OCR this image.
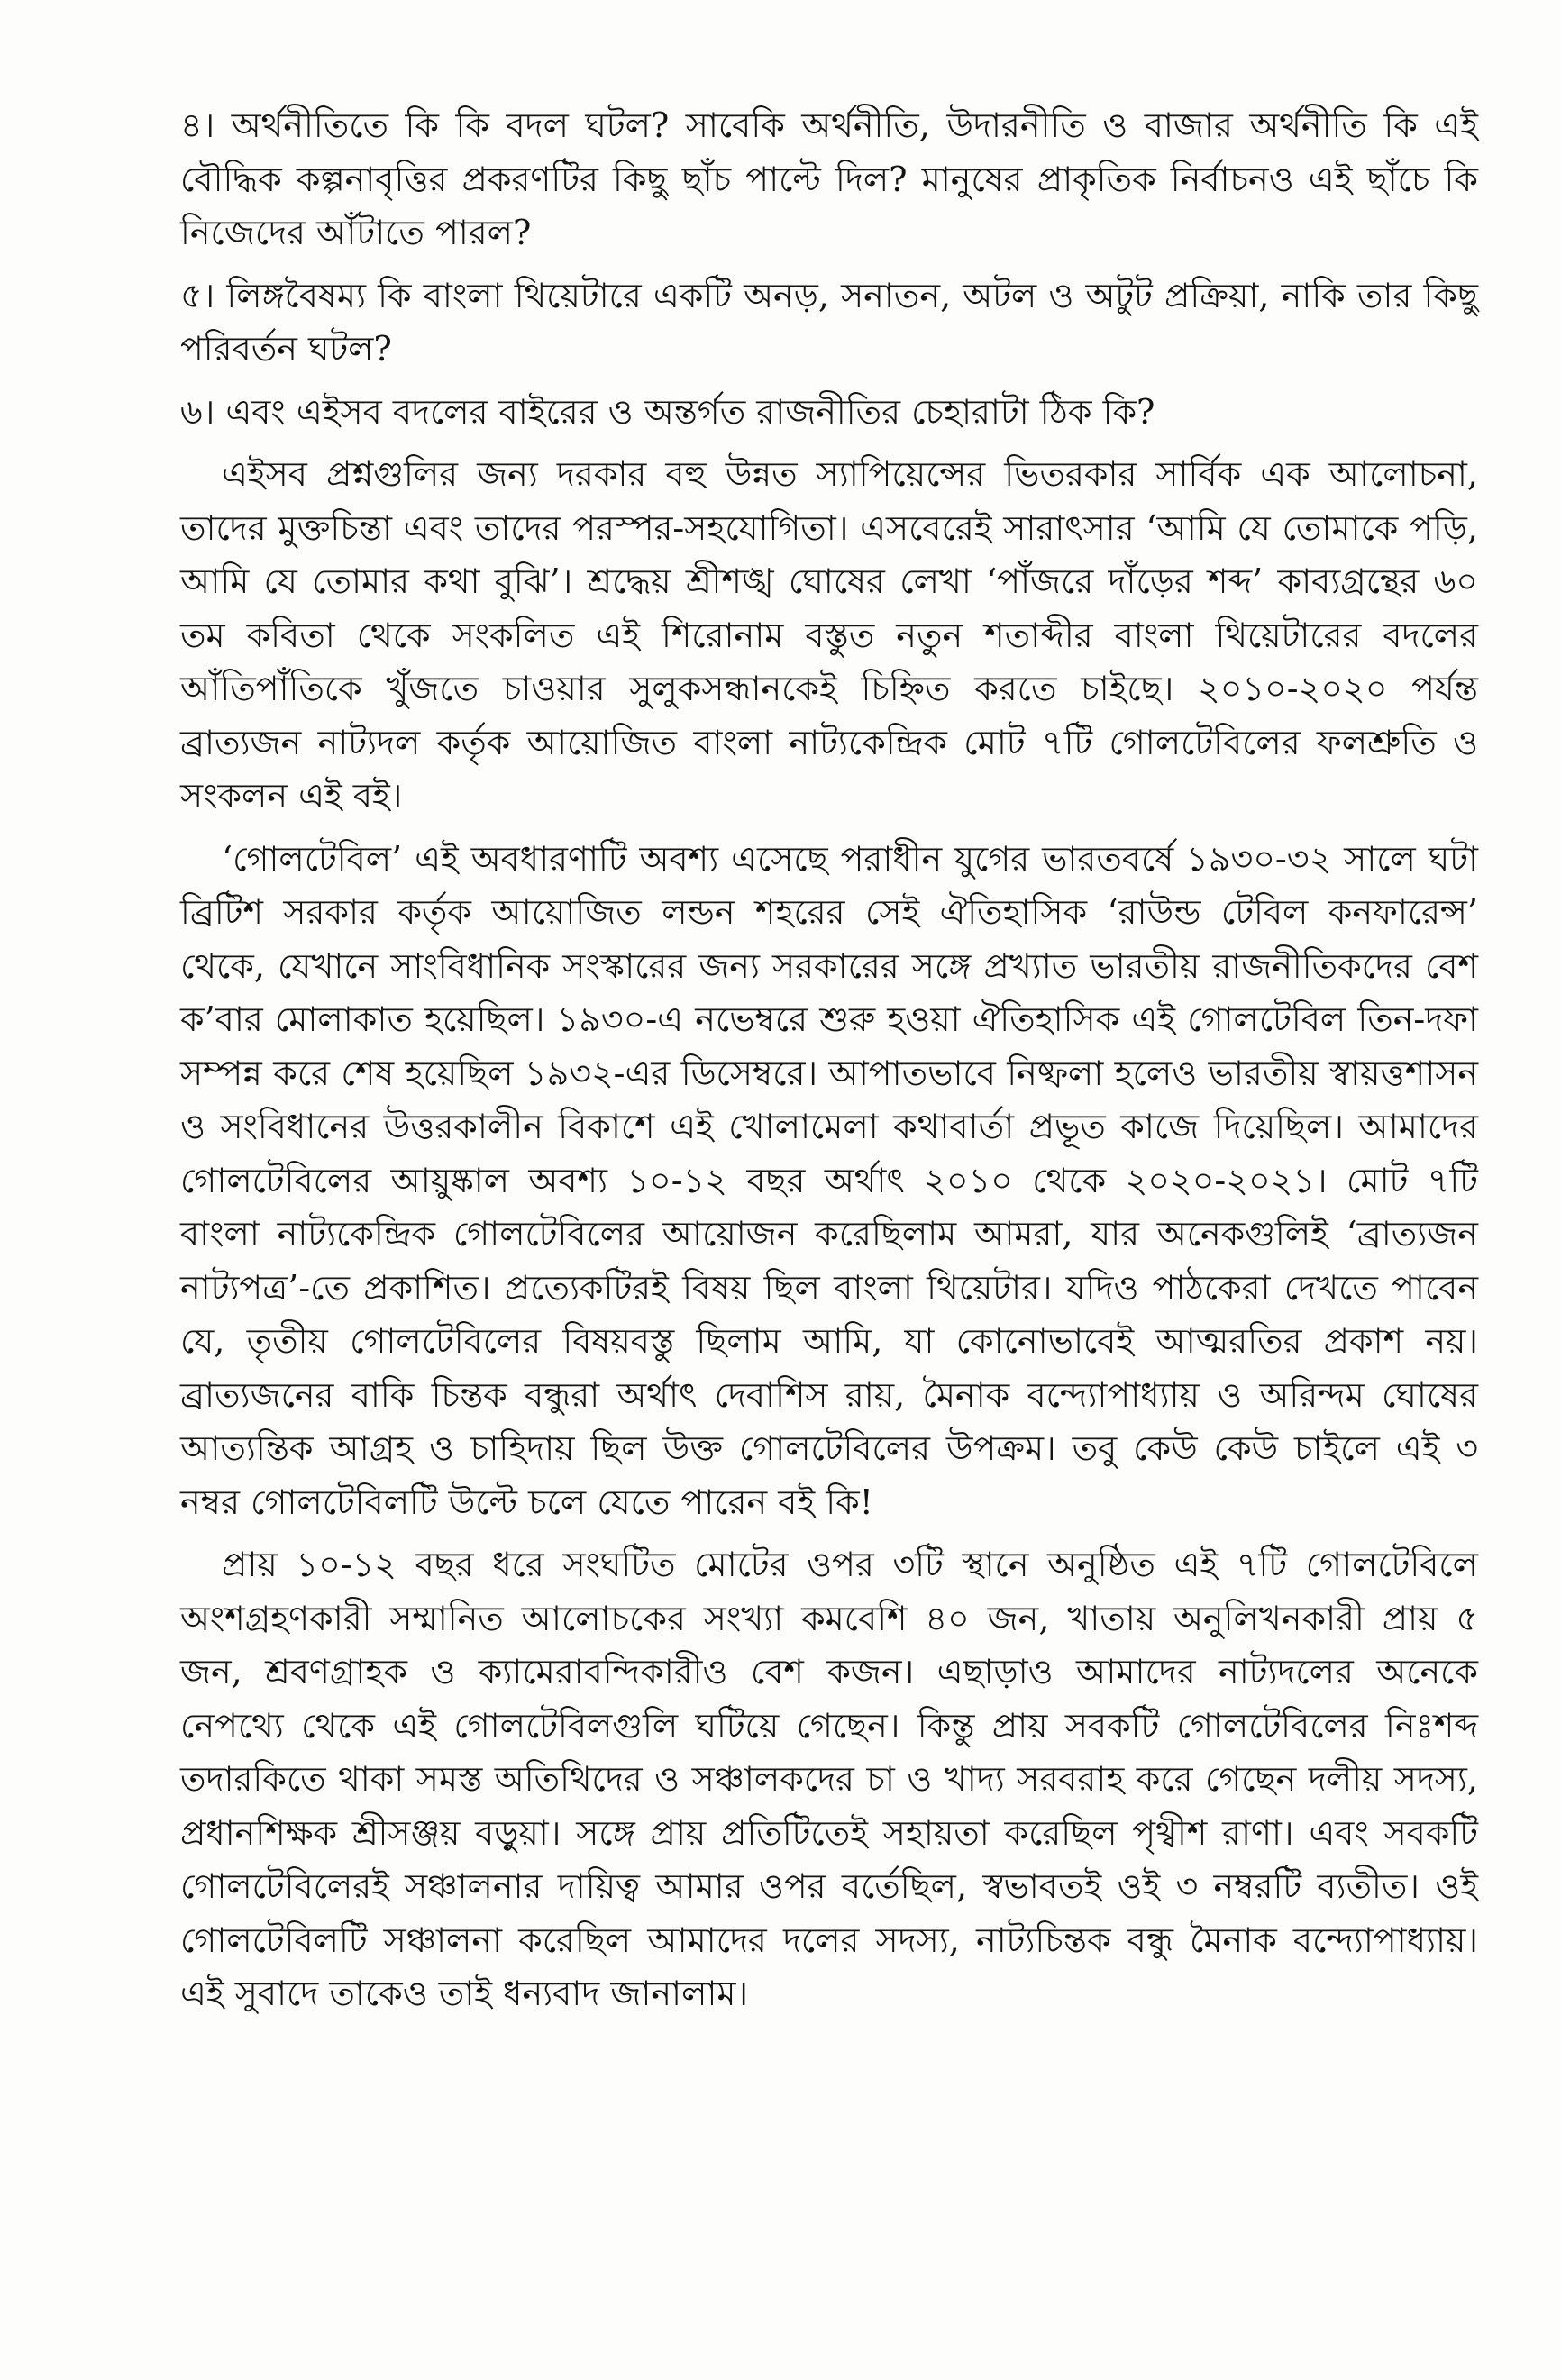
৪। অর্থনীতিতে কি কি বদল ঘটল? সাবেকি অর্থনীতি, উদারনীতি ও বাজার অর্থনীতি কি এই বৌদ্ধিক কল্পনাবৃত্তির প্রকরণটির কিছু ছাঁচ পাল্টে দিল? মানুষের প্রাকৃতিক নির্বাচনও এই ছাঁচে কি নিজেদের আঁটাতে পারল?

৫। লিঙ্গবৈষম্য কি বাংলা থিয়েটারে একটি অনড়, সনাতন, অটল ও অটুট প্রক্রিয়া, নাকি তার কিছু পরিবর্তন ঘটল?

৬। এবং এইসব বদলের বাইরের ও অন্তর্গত রাজনীতির চেহারাটা ঠিক কি?

এইসব প্রশ্নগুলির জন্য দরকার বহু উন্নত স্যাপিয়েন্সের ভিতরকার সার্বিক এক আলোচনা, তাদের মুক্তচিন্তা এবং তাদের পরস্পর-সহযোগিতা। এসবেরেই সারাৎসার ‘আমি যে তোমাকে পড়ি, আমি যে তোমার কথা বুঝি’। শ্রদ্ধেয় শ্রীশঙ্খ ঘোষের লেখা ‘পাঁজরে দাঁড়ের শব্দ’ কাব্যগ্রন্থের ৬০ তম কবিতা থেকে সংকলিত এই শিরোনাম বস্তুত নতুন শতাব্দীর বাংলা থিয়েটারের বদলের আঁতিপাঁতিকে খুঁজতে চাওয়ার সুলুকসন্ধানকেই চিহ্নিত করতে চাইছে। ২০১০-২০২০ পর্যন্ত ব্রাত্যজন নাট্যদল কর্তৃক আয়োজিত বাংলা নাট্যকেন্দ্রিক মোট ৭টি গোলটেবিলের ফলশ্রুতি ও সংকলন এই বই।

‘গোলটেবিল’ এই অবধারণাটি অবশ্য এসেছে পরাধীন যুগের ভারতবর্ষে ১৯৩০-৩২ সালে ঘটা ব্রিটিশ সরকার কর্তৃক আয়োজিত লন্ডন শহরের সেই ঐতিহাসিক ‘রাউন্ড টেবিল কনফারেন্স’ থেকে, যেখানে সাংবিধানিক সংস্কারের জন্য সরকারের সঙ্গে প্রখ্যাত ভারতীয় রাজনীতিকদের বেশ ক’বার মোলাকাত হয়েছিল। ১৯৩০-এ নভেম্বরে শুরু হওয়া ঐতিহাসিক এই গোলটেবিল তিন-দফা সম্পন্ন করে শেষ হয়েছিল ১৯৩২-এর ডিসেম্বরে। আপাতভাবে নিষ্ফলা হলেও ভারতীয় স্বায়ত্তশাসন ও সংবিধানের উত্তরকালীন বিকাশে এই খোলামেলা কথাবার্তা প্রভূত কাজে দিয়েছিল। আমাদের গোলটেবিলের আয়ুষ্কাল অবশ্য ১০-১২ বছর অর্থাৎ ২০১০ থেকে ২০২০-২০২১। মোট ৭টি বাংলা নাট্যকেন্দ্রিক গোলটেবিলের আয়োজন করেছিলাম আমরা, যার অনেকগুলিই ‘ব্রাত্যজন নাট্যপত্র’-তে প্রকাশিত। প্রত্যেকটিরই বিষয় ছিল বাংলা থিয়েটার। যদিও পাঠকেরা দেখতে পাবেন যে, তৃতীয় গোলটেবিলের বিষয়বস্তু ছিলাম আমি, যা কোনোভাবেই আত্মরতির প্রকাশ নয়। ব্রাত্যজনের বাকি চিন্তক বন্ধুরা অর্থাৎ দেবাশিস রায়, মৈনাক বন্দ্যোপাধ্যায় ও অরিন্দম ঘোষের আত্যন্তিক আগ্রহ ও চাহিদায় ছিল উক্ত গোলটেবিলের উপক্রম। তবু কেউ কেউ চাইলে এই ৩ নম্বর গোলটেবিলটি উল্টে চলে যেতে পারেন বই কি!

প্রায় ১০-১২ বছর ধরে সংঘটিত মোটের ওপর ৩টি স্থানে অনুষ্ঠিত এই ৭টি গোলটেবিলে অংশগ্রহণকারী সম্মানিত আলোচকের সংখ্যা কমবেশি ৪০ জন, খাতায় অনুলিখনকারী প্রায় ৫ জন, শ্রবণগ্রাহক ও ক্যামেরাবন্দিকারীও বেশ কজন। এছাড়াও আমাদের নাট্যদলের অনেকে নেপথ্যে থেকে এই গোলটেবিলগুলি ঘটিয়ে গেছেন। কিন্তু প্রায় সবকটি গোলটেবিলের নিঃশব্দ তদারকিতে থাকা সমস্ত অতিথিদের ও সঞ্চালকদের চা ও খাদ্য সরবরাহ করে গেছেন দলীয় সদস্য, প্রধানশিক্ষক শ্রীসঞ্জয় বড়ুয়া। সঙ্গে প্রায় প্রতিটিতেই সহায়তা করেছিল পৃথ্বীশ রাণা। এবং সবকটি গোলটেবিলেরই সঞ্চালনার দায়িত্ব আমার ওপর বর্তেছিল, স্বভাবতই ওই ৩ নম্বরটি ব্যতীত। ওই গোলটেবিলটি সঞ্চালনা করেছিল আমাদের দলের সদস্য, নাট্যচিন্তক বন্ধু মৈনাক বন্দ্যোপাধ্যায়। এই সুবাদে তাকেও তাই ধন্যবাদ জানালাম।
